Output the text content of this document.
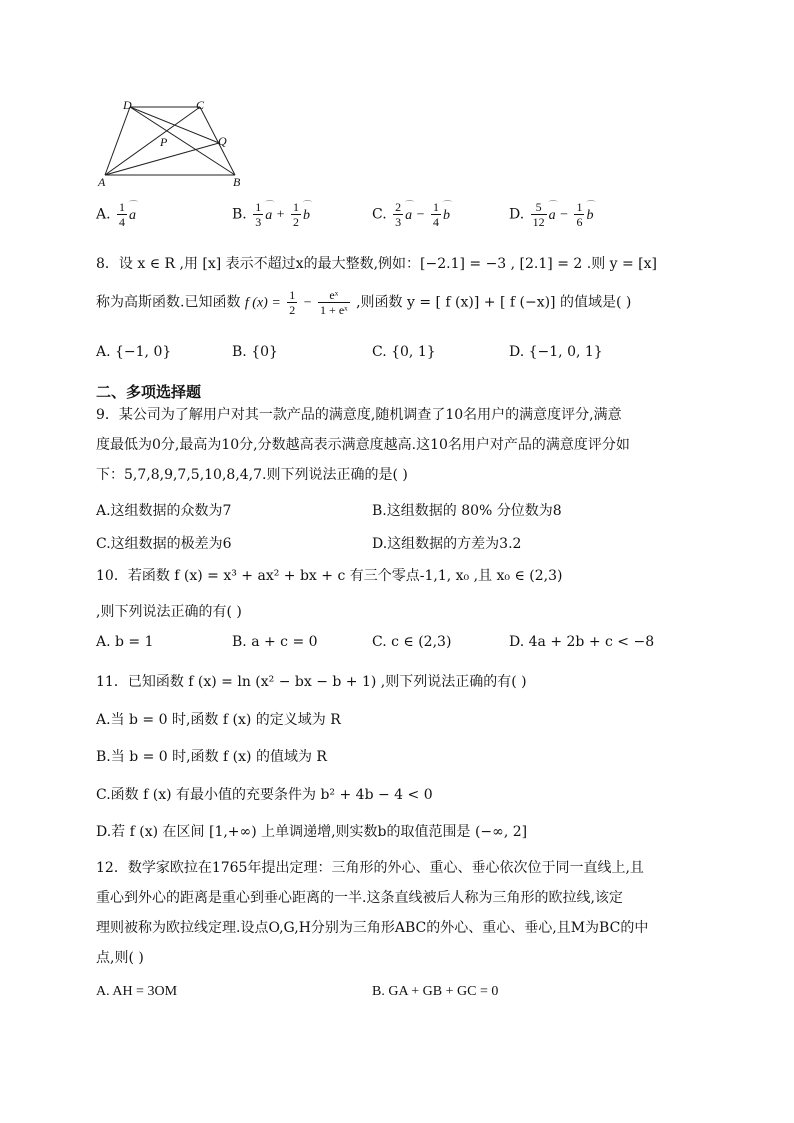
D	C
P	Q
A	B
A. $\frac{1}{4}$ ⌒ a	B. $\frac{1}{3}$ ⌒ $a + \frac{1}{2}$ ⌒ b	C. $\frac{2}{3}$ ⌒ $a - \frac{1}{4}$ ⌒ b	D. $\frac{5}{12}$ ⌒ $a - \frac{1}{6}$ ⌒ b
8．设 x ∈ R ,用 [x] 表示不超过x的最大整数,例如：[−2.1] = −3 , [2.1] = 2 .则 y = [x]
称为高斯函数.已知函数 f $(x) = \frac{1}{2} - \frac{\text{eˣ}}{\text{1 + eˣ}}$ ,则函数 y = [ f (x)] + [ f (−x)] 的值域是( )
A. {−1, 0}	B. {0}	C. {0, 1}	D. {−1, 0, 1}
二、多项选择题
9．某公司为了解用户对其一款产品的满意度,随机调查了10名用户的满意度评分,满意
度最低为0分,最高为10分,分数越高表示满意度越高.这10名用户对产品的满意度评分如
下：5,7,8,9,7,5,10,8,4,7.则下列说法正确的是( )
A.这组数据的众数为7	B.这组数据的 80% 分位数为8
C.这组数据的极差为6	D.这组数据的方差为3.2
10．若函数 f (x) = x³ + ax² + bx + c 有三个零点-1,1, x₀ ,且 x₀ ∈ (2,3)
,则下列说法正确的有( )
A. b = 1	B. a + c = 0	C. c ∈ (2,3)	D. 4a + 2b + c < −8
11．已知函数 f (x) = ln (x² − bx − b + 1) ,则下列说法正确的有( )
A.当 b = 0 时,函数 f (x) 的定义域为 R
B.当 b = 0 时,函数 f (x) 的值域为 R
C.函数 f (x) 有最小值的充要条件为 b² + 4b − 4 < 0
D.若 f (x) 在区间 [1,+∞) 上单调递增,则实数b的取值范围是 (−∞, 2]
12．数学家欧拉在1765年提出定理：三角形的外心、重心、垂心依次位于同一直线上,且
重心到外心的距离是重心到垂心距离的一半.这条直线被后人称为三角形的欧拉线,该定
理则被称为欧拉线定理.设点O,G,H分别为三角形ABC的外心、重心、垂心,且M为BC的中
点,则( )
A. AH = 3OM	B. GA + GB + GC = 0
